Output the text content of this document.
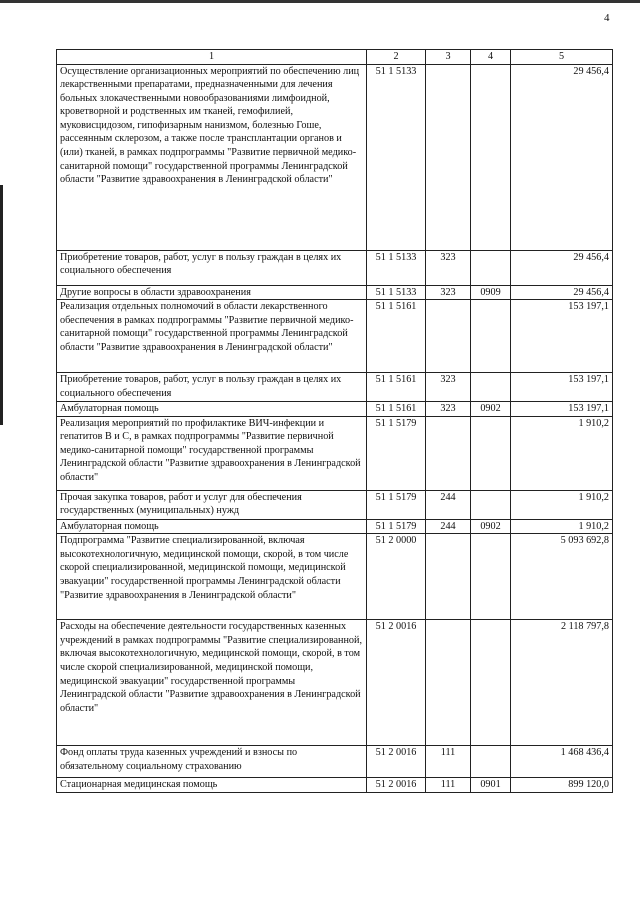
4
1	2	3	4	5

Осуществление организационных мероприятий по обеспечению лиц лекарственными препаратами, предназначенными для лечения больных злокачественными новообразованиями лимфоидной, кроветворной и родственных им тканей, гемофилией, муковисцидозом, гипофизарным нанизмом, болезнью Гоше, рассеянным склерозом, а также после трансплантации органов и (или) тканей, в рамках подпрограммы "Развитие первичной медико-санитарной помощи" государственной программы Ленинградской области "Развитие здравоохранения в Ленинградской области"	51 1 5133			29 456,4

Приобретение товаров, работ, услуг в пользу граждан в целях их социального обеспечения	51 1 5133	323		29 456,4

Другие вопросы в области здравоохранения	51 1 5133	323	0909	29 456,4

Реализация отдельных полномочий в области лекарственного обеспечения в рамках подпрограммы "Развитие первичной медико-санитарной помощи" государственной программы Ленинградской области "Развитие здравоохранения в Ленинградской области"	51 1 5161			153 197,1

Приобретение товаров, работ, услуг в пользу граждан в целях их социального обеспечения	51 1 5161	323		153 197,1

Амбулаторная помощь	51 1 5161	323	0902	153 197,1

Реализация мероприятий по профилактике ВИЧ-инфекции и гепатитов В и С, в рамках подпрограммы "Развитие первичной медико-санитарной помощи" государственной программы Ленинградской области "Развитие здравоохранения в Ленинградской области"	51 1 5179			1 910,2

Прочая закупка товаров, работ и услуг для обеспечения государственных (муниципальных) нужд	51 1 5179	244		1 910,2

Амбулаторная помощь	51 1 5179	244	0902	1 910,2

Подпрограмма "Развитие специализированной, включая высокотехнологичную, медицинской помощи, скорой, в том числе скорой специализированной, медицинской помощи, медицинской эвакуации" государственной программы Ленинградской области "Развитие здравоохранения в Ленинградской области"	51 2 0000			5 093 692,8

Расходы на обеспечение деятельности государственных казенных учреждений в рамках подпрограммы "Развитие специализированной, включая высокотехнологичную, медицинской помощи, скорой, в том числе скорой специализированной, медицинской помощи, медицинской эвакуации" государственной программы Ленинградской области "Развитие здравоохранения в Ленинградской области"	51 2 0016			2 118 797,8

Фонд оплаты труда казенных учреждений и взносы по обязательному социальному страхованию	51 2 0016	111		1 468 436,4

Стационарная медицинская помощь	51 2 0016	111	0901	899 120,0
